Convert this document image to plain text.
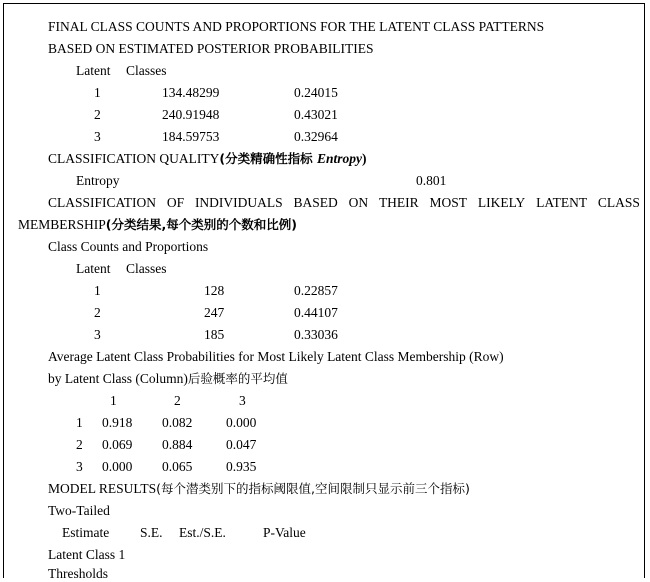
FINAL CLASS COUNTS AND PROPORTIONS FOR THE LATENT CLASS PATTERNS
BASED ON ESTIMATED POSTERIOR PROBABILITIES
Latent Classes
1	134.48299	0.24015
2	240.91948	0.43021
3	184.59753	0.32964
CLASSIFICATION QUALITY(分类精确性指标 Entropy)
Entropy	0.801
CLASSIFICATION OF INDIVIDUALS BASED ON THEIR MOST LIKELY LATENT CLASS
MEMBERSHIP(分类结果,每个类别的个数和比例)
Class Counts and Proportions
Latent Classes
1	128	0.22857
2	247	0.44107
3	185	0.33036
Average Latent Class Probabilities for Most Likely Latent Class Membership (Row)
by Latent Class (Column)后验概率的平均值
1	2	3
1 0.918 0.082 0.000
2 0.069 0.884 0.047
3 0.000 0.065 0.935
MODEL RESULTS(每个潜类别下的指标阈限值,空间限制只显示前三个指标)
Two-Tailed
Estimate S.E. Est./S.E.	P-Value
Latent Class 1
Thresholds
